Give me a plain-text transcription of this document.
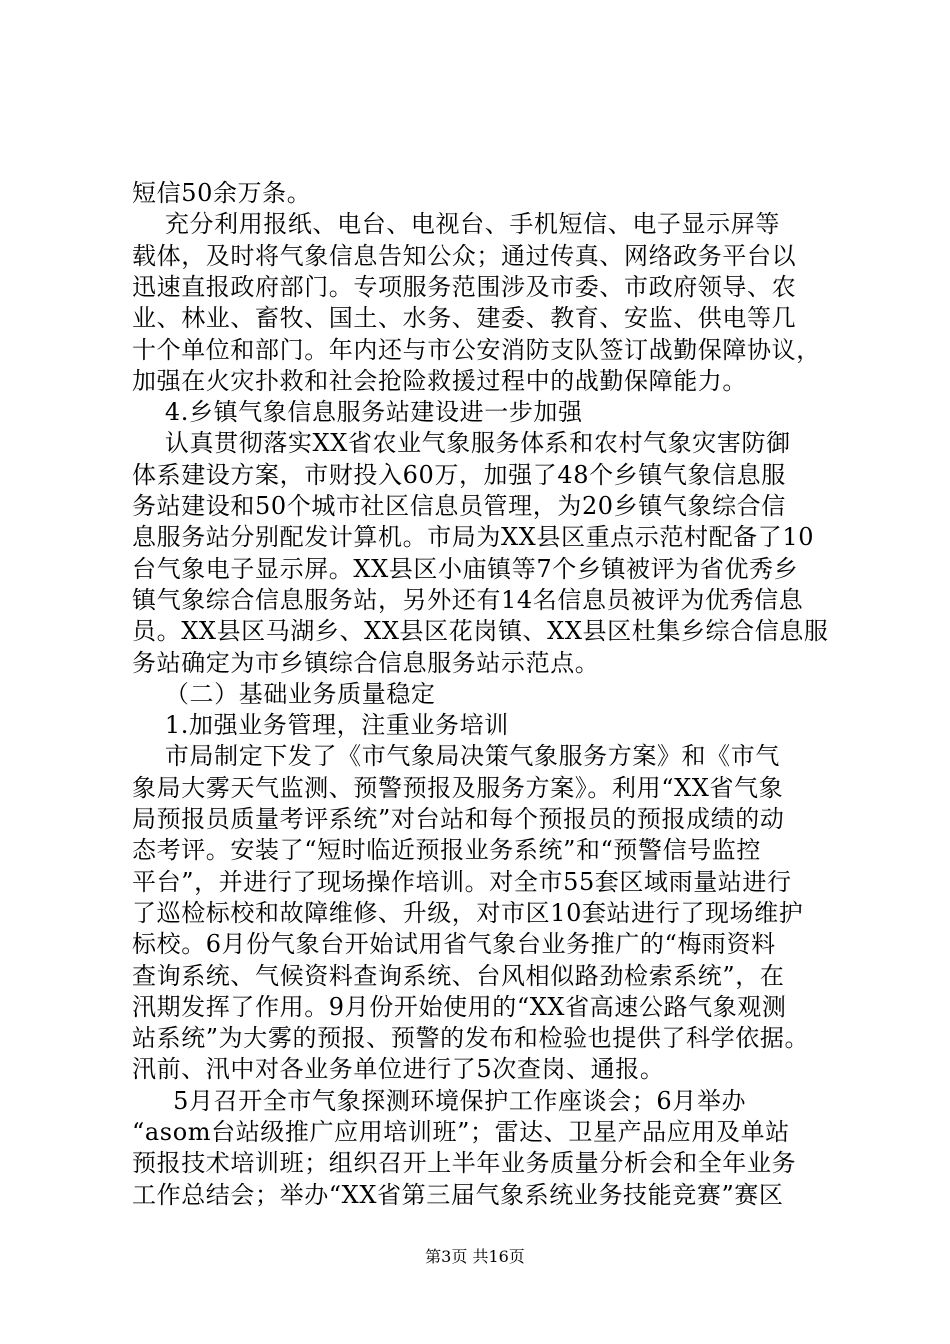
短信50余万条。
充分利用报纸、电台、电视台、手机短信、电子显示屏等
载体，及时将气象信息告知公众；通过传真、网络政务平台以
迅速直报政府部门。专项服务范围涉及市委、市政府领导、农
业、林业、畜牧、国土、水务、建委、教育、安监、供电等几
十个单位和部门。年内还与市公安消防支队签订战勤保障协议，
加强在火灾扑救和社会抢险救援过程中的战勤保障能力。
4.乡镇气象信息服务站建设进一步加强
认真贯彻落实XX省农业气象服务体系和农村气象灾害防御
体系建设方案，市财投入60万，加强了48个乡镇气象信息服
务站建设和50个城市社区信息员管理，为20乡镇气象综合信
息服务站分别配发计算机。市局为XX县区重点示范村配备了10
台气象电子显示屏。XX县区小庙镇等7个乡镇被评为省优秀乡
镇气象综合信息服务站，另外还有14名信息员被评为优秀信息
员。XX县区马湖乡、XX县区花岗镇、XX县区杜集乡综合信息服
务站确定为市乡镇综合信息服务站示范点。
（二）基础业务质量稳定
1.加强业务管理，注重业务培训
市局制定下发了《市气象局决策气象服务方案》和《市气
象局大雾天气监测、预警预报及服务方案》。利用“XX省气象
局预报员质量考评系统”对台站和每个预报员的预报成绩的动
态考评。安装了“短时临近预报业务系统”和“预警信号监控
平台”，并进行了现场操作培训。对全市55套区域雨量站进行
了巡检标校和故障维修、升级，对市区10套站进行了现场维护
标校。6月份气象台开始试用省气象台业务推广的“梅雨资料
查询系统、气候资料查询系统、台风相似路劲检索系统”，在
汛期发挥了作用。9月份开始使用的“XX省高速公路气象观测
站系统”为大雾的预报、预警的发布和检验也提供了科学依据。
汛前、汛中对各业务单位进行了5次查岗、通报。
5月召开全市气象探测环境保护工作座谈会；6月举办
“asom台站级推广应用培训班”；雷达、卫星产品应用及单站
预报技术培训班；组织召开上半年业务质量分析会和全年业务
工作总结会；举办“XX省第三届气象系统业务技能竞赛”赛区
第3页 共16页
